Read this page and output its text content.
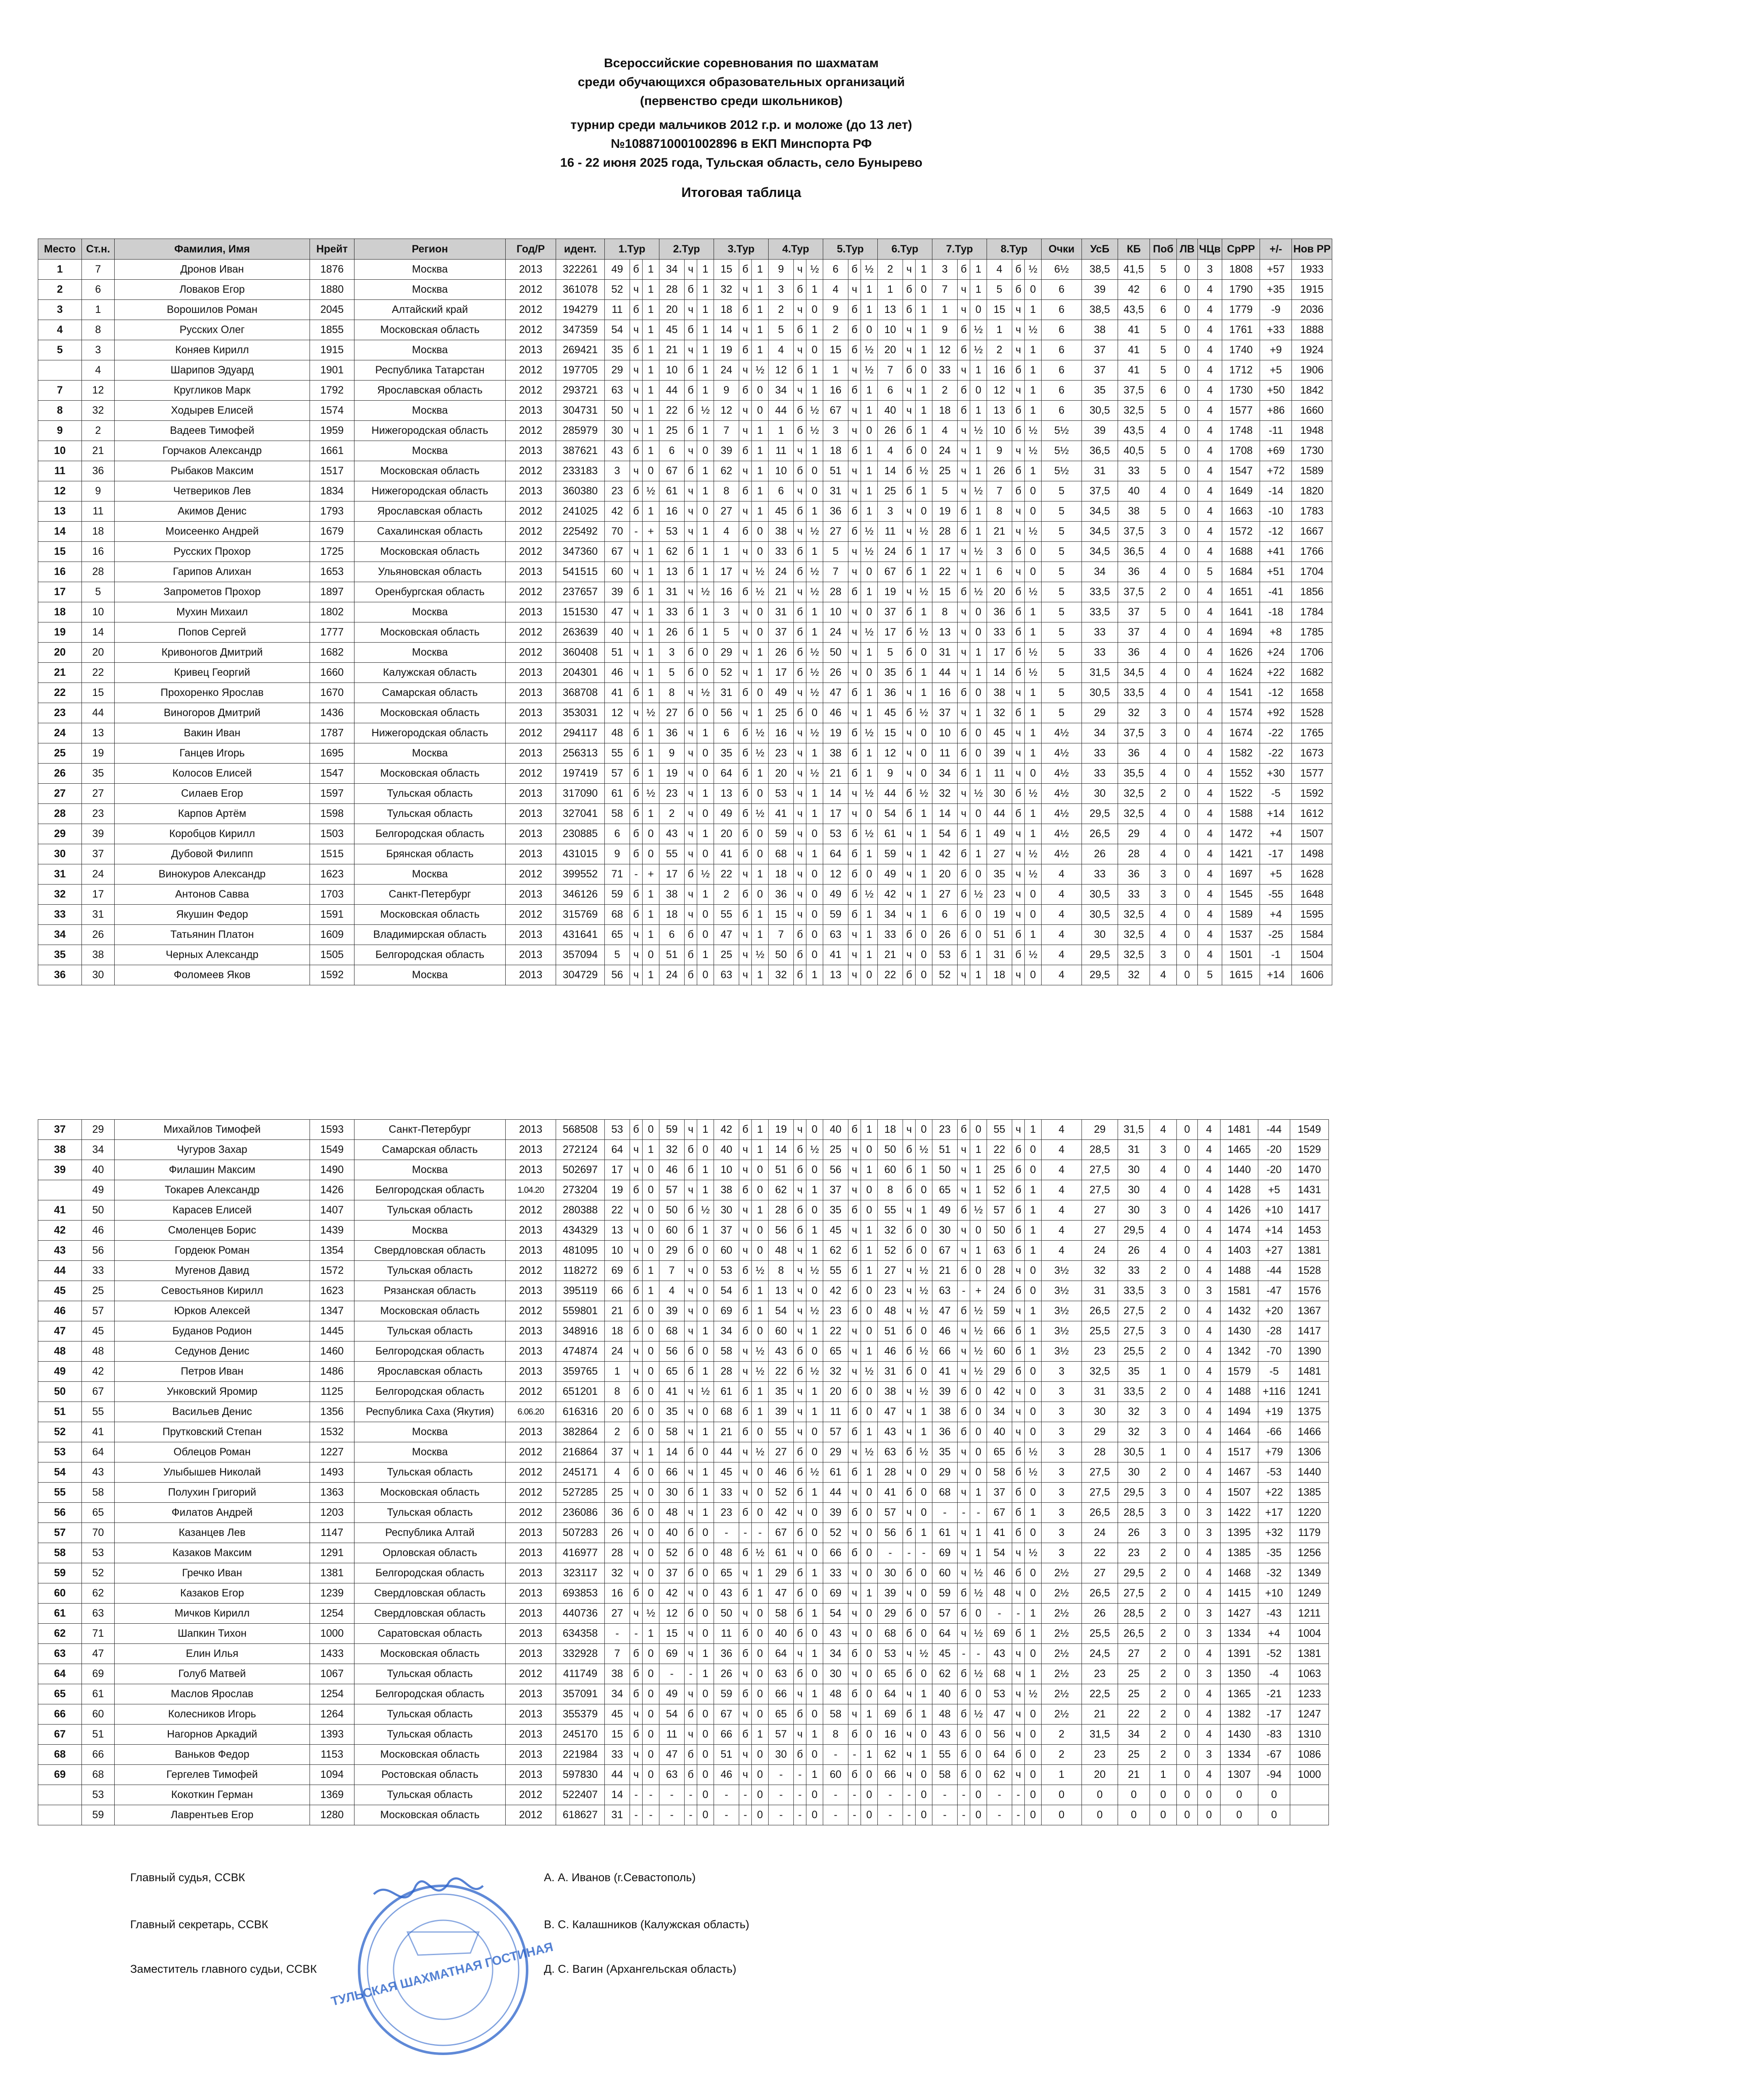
Всероссийские соревнования по шахматам
среди обучающихся образовательных организаций
(первенство среди школьников)
турнир среди мальчиков 2012 г.р. и моложе (до 13 лет)
№1088710001002896 в ЕКП Минспорта РФ
16 - 22 июня 2025 года, Тульская область, село Бунырево
Итоговая таблица
Место	Ст.н.	Фамилия, Имя	Нрейт	Регион	Год/Р	идент.	1.Тур			2.Тур			3.Тур			4.Тур			5.Тур			6.Тур			7.Тур			8.Тур			Очки	УсБ	КБ	Поб	ЛВ	ЧЦв	СрРР	+/-	Нов РР
1	7	Дронов Иван	1876	Москва	2013	322261	49	б	1	34	ч	1	15	б	1	9	ч	½	6	б	½	2	ч	1	3	б	1	4	б	½	6½	38,5	41,5	5	0	3	1808	+57	1933
2	6	Ловаков Егор	1880	Москва	2012	361078	52	ч	1	28	б	1	32	ч	1	3	б	1	4	ч	1	1	б	0	7	ч	1	5	б	0	6	39	42	6	0	4	1790	+35	1915
3	1	Ворошилов Роман	2045	Алтайский край	2012	194279	11	б	1	20	ч	1	18	б	1	2	ч	0	9	б	1	13	б	1	1	ч	0	15	ч	1	6	38,5	43,5	6	0	4	1779	-9	2036
4	8	Русских Олег	1855	Московская область	2012	347359	54	ч	1	45	б	1	14	ч	1	5	б	1	2	б	0	10	ч	1	9	б	½	1	ч	½	6	38	41	5	0	4	1761	+33	1888
5	3	Коняев Кирилл	1915	Москва	2013	269421	35	б	1	21	ч	1	19	б	1	4	ч	0	15	б	½	20	ч	1	12	б	½	2	ч	1	6	37	41	5	0	4	1740	+9	1924
	4	Шарипов Эдуард	1901	Республика Татарстан	2012	197705	29	ч	1	10	б	1	24	ч	½	12	б	1	1	ч	½	7	б	0	33	ч	1	16	б	1	6	37	41	5	0	4	1712	+5	1906
7	12	Кругликов Марк	1792	Ярославская область	2012	293721	63	ч	1	44	б	1	9	б	0	34	ч	1	16	б	1	6	ч	1	2	б	0	12	ч	1	6	35	37,5	6	0	4	1730	+50	1842
8	32	Ходырев Елисей	1574	Москва	2013	304731	50	ч	1	22	б	½	12	ч	0	44	б	½	67	ч	1	40	ч	1	18	б	1	13	б	1	6	30,5	32,5	5	0	4	1577	+86	1660
9	2	Вадеев Тимофей	1959	Нижегородская область	2012	285979	30	ч	1	25	б	1	7	ч	1	1	б	½	3	ч	0	26	б	1	4	ч	½	10	б	½	5½	39	43,5	4	0	4	1748	-11	1948
10	21	Горчаков Александр	1661	Москва	2013	387621	43	б	1	6	ч	0	39	б	1	11	ч	1	18	б	1	4	б	0	24	ч	1	9	ч	½	5½	36,5	40,5	5	0	4	1708	+69	1730
11	36	Рыбаков Максим	1517	Московская область	2012	233183	3	ч	0	67	б	1	62	ч	1	10	б	0	51	ч	1	14	б	½	25	ч	1	26	б	1	5½	31	33	5	0	4	1547	+72	1589
12	9	Четвериков Лев	1834	Нижегородская область	2013	360380	23	б	½	61	ч	1	8	б	1	6	ч	0	31	ч	1	25	б	1	5	ч	½	7	б	0	5	37,5	40	4	0	4	1649	-14	1820
13	11	Акимов Денис	1793	Ярославская область	2012	241025	42	б	1	16	ч	0	27	ч	1	45	б	1	36	б	1	3	ч	0	19	б	1	8	ч	0	5	34,5	38	5	0	4	1663	-10	1783
14	18	Моисеенко Андрей	1679	Сахалинская область	2012	225492	70	-	+	53	ч	1	4	б	0	38	ч	½	27	б	½	11	ч	½	28	б	1	21	ч	½	5	34,5	37,5	3	0	4	1572	-12	1667
15	16	Русских Прохор	1725	Московская область	2012	347360	67	ч	1	62	б	1	1	ч	0	33	б	1	5	ч	½	24	б	1	17	ч	½	3	б	0	5	34,5	36,5	4	0	4	1688	+41	1766
16	28	Гарипов Алихан	1653	Ульяновская область	2013	541515	60	ч	1	13	б	1	17	ч	½	24	б	½	7	ч	0	67	б	1	22	ч	1	6	ч	0	5	34	36	4	0	5	1684	+51	1704
17	5	Запрометов Прохор	1897	Оренбургская область	2012	237657	39	б	1	31	ч	½	16	б	½	21	ч	½	28	б	1	19	ч	½	15	б	½	20	б	½	5	33,5	37,5	2	0	4	1651	-41	1856
18	10	Мухин Михаил	1802	Москва	2013	151530	47	ч	1	33	б	1	3	ч	0	31	б	1	10	ч	0	37	б	1	8	ч	0	36	б	1	5	33,5	37	5	0	4	1641	-18	1784
19	14	Попов Сергей	1777	Московская область	2012	263639	40	ч	1	26	б	1	5	ч	0	37	б	1	24	ч	½	17	б	½	13	ч	0	33	б	1	5	33	37	4	0	4	1694	+8	1785
20	20	Кривоногов Дмитрий	1682	Москва	2012	360408	51	ч	1	3	б	0	29	ч	1	26	б	½	50	ч	1	5	б	0	31	ч	1	17	б	½	5	33	36	4	0	4	1626	+24	1706
21	22	Кривец Георгий	1660	Калужская область	2013	204301	46	ч	1	5	б	0	52	ч	1	17	б	½	26	ч	0	35	б	1	44	ч	1	14	б	½	5	31,5	34,5	4	0	4	1624	+22	1682
22	15	Прохоренко Ярослав	1670	Самарская область	2013	368708	41	б	1	8	ч	½	31	б	0	49	ч	½	47	б	1	36	ч	1	16	б	0	38	ч	1	5	30,5	33,5	4	0	4	1541	-12	1658
23	44	Виногоров Дмитрий	1436	Московская область	2013	353031	12	ч	½	27	б	0	56	ч	1	25	б	0	46	ч	1	45	б	½	37	ч	1	32	б	1	5	29	32	3	0	4	1574	+92	1528
24	13	Вакин Иван	1787	Нижегородская область	2012	294117	48	б	1	36	ч	1	6	б	½	16	ч	½	19	б	½	15	ч	0	10	б	0	45	ч	1	4½	34	37,5	3	0	4	1674	-22	1765
25	19	Ганцев Игорь	1695	Москва	2013	256313	55	б	1	9	ч	0	35	б	½	23	ч	1	38	б	1	12	ч	0	11	б	0	39	ч	1	4½	33	36	4	0	4	1582	-22	1673
26	35	Колосов Елисей	1547	Московская область	2012	197419	57	б	1	19	ч	0	64	б	1	20	ч	½	21	б	1	9	ч	0	34	б	1	11	ч	0	4½	33	35,5	4	0	4	1552	+30	1577
27	27	Силаев Егор	1597	Тульская область	2013	317090	61	б	½	23	ч	1	13	б	0	53	ч	1	14	ч	½	44	б	½	32	ч	½	30	б	½	4½	30	32,5	2	0	4	1522	-5	1592
28	23	Карпов Артём	1598	Тульская область	2013	327041	58	б	1	2	ч	0	49	б	½	41	ч	1	17	ч	0	54	б	1	14	ч	0	44	б	1	4½	29,5	32,5	4	0	4	1588	+14	1612
29	39	Коробцов Кирилл	1503	Белгородская область	2013	230885	6	б	0	43	ч	1	20	б	0	59	ч	0	53	б	½	61	ч	1	54	б	1	49	ч	1	4½	26,5	29	4	0	4	1472	+4	1507
30	37	Дубовой Филипп	1515	Брянская область	2013	431015	9	б	0	55	ч	0	41	б	0	68	ч	1	64	б	1	59	ч	1	42	б	1	27	ч	½	4½	26	28	4	0	4	1421	-17	1498
31	24	Винокуров Александр	1623	Москва	2012	399552	71	-	+	17	б	½	22	ч	1	18	ч	0	12	б	0	49	ч	1	20	б	0	35	ч	½	4	33	36	3	0	4	1697	+5	1628
32	17	Антонов Савва	1703	Санкт-Петербург	2013	346126	59	б	1	38	ч	1	2	б	0	36	ч	0	49	б	½	42	ч	1	27	б	½	23	ч	0	4	30,5	33	3	0	4	1545	-55	1648
33	31	Якушин Федор	1591	Московская область	2012	315769	68	б	1	18	ч	0	55	б	1	15	ч	0	59	б	1	34	ч	1	6	б	0	19	ч	0	4	30,5	32,5	4	0	4	1589	+4	1595
34	26	Татьянин Платон	1609	Владимирская область	2013	431641	65	ч	1	6	б	0	47	ч	1	7	б	0	63	ч	1	33	б	0	26	б	0	51	б	1	4	30	32,5	4	0	4	1537	-25	1584
35	38	Черных Александр	1505	Белгородская область	2013	357094	5	ч	0	51	б	1	25	ч	½	50	б	0	41	ч	1	21	ч	0	53	б	1	31	б	½	4	29,5	32,5	3	0	4	1501	-1	1504
36	30	Фоломеев Яков	1592	Москва	2013	304729	56	ч	1	24	б	0	63	ч	1	32	б	1	13	ч	0	22	б	0	52	ч	1	18	ч	0	4	29,5	32	4	0	5	1615	+14	1606
37	29	Михайлов Тимофей	1593	Санкт-Петербург	2013	568508	53	б	0	59	ч	1	42	б	1	19	ч	0	40	б	1	18	ч	0	23	б	0	55	ч	1	4	29	31,5	4	0	4	1481	-44	1549
38	34	Чугуров Захар	1549	Самарская область	2013	272124	64	ч	1	32	б	0	40	ч	1	14	б	½	25	ч	0	50	б	½	51	ч	1	22	б	0	4	28,5	31	3	0	4	1465	-20	1529
39	40	Филашин Максим	1490	Москва	2013	502697	17	ч	0	46	б	1	10	ч	0	51	б	0	56	ч	1	60	б	1	50	ч	1	25	б	0	4	27,5	30	4	0	4	1440	-20	1470
	49	Токарев Александр	1426	Белгородская область	1.04.20	273204	19	б	0	57	ч	1	38	б	0	62	ч	1	37	ч	0	8	б	0	65	ч	1	52	б	1	4	27,5	30	4	0	4	1428	+5	1431
41	50	Карасев Елисей	1407	Тульская область	2012	280388	22	ч	0	50	б	½	30	ч	1	28	б	0	35	б	0	55	ч	1	49	б	½	57	б	1	4	27	30	3	0	4	1426	+10	1417
42	46	Смоленцев Борис	1439	Москва	2013	434329	13	ч	0	60	б	1	37	ч	0	56	б	1	45	ч	1	32	б	0	30	ч	0	50	б	1	4	27	29,5	4	0	4	1474	+14	1453
43	56	Гордеюк Роман	1354	Свердловская область	2013	481095	10	ч	0	29	б	0	60	ч	0	48	ч	1	62	б	1	52	б	0	67	ч	1	63	б	1	4	24	26	4	0	4	1403	+27	1381
44	33	Мугенов Давид	1572	Тульская область	2012	118272	69	б	1	7	ч	0	53	б	½	8	ч	½	55	б	1	27	ч	½	21	б	0	28	ч	0	3½	32	33	2	0	4	1488	-44	1528
45	25	Севостьянов Кирилл	1623	Рязанская область	2013	395119	66	б	1	4	ч	0	54	б	1	13	ч	0	42	б	0	23	ч	½	63	-	+	24	б	0	3½	31	33,5	3	0	3	1581	-47	1576
46	57	Юрков Алексей	1347	Московская область	2012	559801	21	б	0	39	ч	0	69	б	1	54	ч	½	23	б	0	48	ч	½	47	б	½	59	ч	1	3½	26,5	27,5	2	0	4	1432	+20	1367
47	45	Буданов Родион	1445	Тульская область	2013	348916	18	б	0	68	ч	1	34	б	0	60	ч	1	22	ч	0	51	б	0	46	ч	½	66	б	1	3½	25,5	27,5	3	0	4	1430	-28	1417
48	48	Седунов Денис	1460	Белгородская область	2013	474874	24	ч	0	56	б	0	58	ч	½	43	б	0	65	ч	1	46	б	½	66	ч	½	60	б	1	3½	23	25,5	2	0	4	1342	-70	1390
49	42	Петров Иван	1486	Ярославская область	2013	359765	1	ч	0	65	б	1	28	ч	½	22	б	½	32	ч	½	31	б	0	41	ч	½	29	б	0	3	32,5	35	1	0	4	1579	-5	1481
50	67	Унковский Яромир	1125	Белгородская область	2012	651201	8	б	0	41	ч	½	61	б	1	35	ч	1	20	б	0	38	ч	½	39	б	0	42	ч	0	3	31	33,5	2	0	4	1488	+116	1241
51	55	Васильев Денис	1356	Республика Саха (Якутия)	6.06.20	616316	20	б	0	35	ч	0	68	б	1	39	ч	1	11	б	0	47	ч	1	38	б	0	34	ч	0	3	30	32	3	0	4	1494	+19	1375
52	41	Прутковский Степан	1532	Москва	2013	382864	2	б	0	58	ч	1	21	б	0	55	ч	0	57	б	1	43	ч	1	36	б	0	40	ч	0	3	29	32	3	0	4	1464	-66	1466
53	64	Облецов Роман	1227	Москва	2012	216864	37	ч	1	14	б	0	44	ч	½	27	б	0	29	ч	½	63	б	½	35	ч	0	65	б	½	3	28	30,5	1	0	4	1517	+79	1306
54	43	Улыбышев Николай	1493	Тульская область	2012	245171	4	б	0	66	ч	1	45	ч	0	46	б	½	61	б	1	28	ч	0	29	ч	0	58	б	½	3	27,5	30	2	0	4	1467	-53	1440
55	58	Полухин Григорий	1363	Московская область	2012	527285	25	ч	0	30	б	1	33	ч	0	52	б	1	44	ч	0	41	б	0	68	ч	1	37	б	0	3	27,5	29,5	3	0	4	1507	+22	1385
56	65	Филатов Андрей	1203	Тульская область	2012	236086	36	б	0	48	ч	1	23	б	0	42	ч	0	39	б	0	57	ч	0	-	-	-	67	б	1	3	26,5	28,5	3	0	3	1422	+17	1220
57	70	Казанцев Лев	1147	Республика Алтай	2013	507283	26	ч	0	40	б	0	-	-	-	67	б	0	52	ч	0	56	б	1	61	ч	1	41	б	0	3	24	26	3	0	3	1395	+32	1179
58	53	Казаков Максим	1291	Орловская область	2013	416977	28	ч	0	52	б	0	48	б	½	61	ч	0	66	б	0	-	-	-	69	ч	1	54	ч	½	3	22	23	2	0	4	1385	-35	1256
59	52	Гречко Иван	1381	Белгородская область	2013	323117	32	ч	0	37	б	0	65	ч	1	29	б	1	33	ч	0	30	б	0	60	ч	½	46	б	0	2½	27	29,5	2	0	4	1468	-32	1349
60	62	Казаков Егор	1239	Свердловская область	2013	693853	16	б	0	42	ч	0	43	б	1	47	б	0	69	ч	1	39	ч	0	59	б	½	48	ч	0	2½	26,5	27,5	2	0	4	1415	+10	1249
61	63	Мичков Кирилл	1254	Свердловская область	2013	440736	27	ч	½	12	б	0	50	ч	0	58	б	1	54	ч	0	29	б	0	57	б	0	-	-	1	2½	26	28,5	2	0	3	1427	-43	1211
62	71	Шапкин Тихон	1000	Саратовская область	2013	634358	-	-	1	15	ч	0	11	б	0	40	б	0	43	ч	0	68	б	0	64	ч	½	69	б	1	2½	25,5	26,5	2	0	3	1334	+4	1004
63	47	Елин Илья	1433	Московская область	2013	332928	7	б	0	69	ч	1	36	б	0	64	ч	1	34	б	0	53	ч	½	45	-	-	43	ч	0	2½	24,5	27	2	0	4	1391	-52	1381
64	69	Голуб Матвей	1067	Тульская область	2012	411749	38	б	0	-	-	1	26	ч	0	63	б	0	30	ч	0	65	б	0	62	б	½	68	ч	1	2½	23	25	2	0	3	1350	-4	1063
65	61	Маслов Ярослав	1254	Белгородская область	2013	357091	34	б	0	49	ч	0	59	б	0	66	ч	1	48	б	0	64	ч	1	40	б	0	53	ч	½	2½	22,5	25	2	0	4	1365	-21	1233
66	60	Колесников Игорь	1264	Тульская область	2013	355379	45	ч	0	54	б	0	67	ч	0	65	б	0	58	ч	1	69	б	1	48	б	½	47	ч	0	2½	21	22	2	0	4	1382	-17	1247
67	51	Нагорнов Аркадий	1393	Тульская область	2013	245170	15	б	0	11	ч	0	66	б	1	57	ч	1	8	б	0	16	ч	0	43	б	0	56	ч	0	2	31,5	34	2	0	4	1430	-83	1310
68	66	Ваньков Федор	1153	Московская область	2013	221984	33	ч	0	47	б	0	51	ч	0	30	б	0	-	-	1	62	ч	1	55	б	0	64	б	0	2	23	25	2	0	3	1334	-67	1086
69	68	Гергелев Тимофей	1094	Ростовская область	2013	597830	44	ч	0	63	б	0	46	ч	0	-	-	1	60	б	0	66	ч	0	58	б	0	62	ч	0	1	20	21	1	0	4	1307	-94	1000
	53	Кокоткин Герман	1369	Тульская область	2012	522407	14	-	-	-	-	0	-	-	0	-	-	0	-	-	0	-	-	0	-	-	0	-	-	0	0	0	0	0	0	0	0	0	
	59	Лаврентьев Егор	1280	Московская область	2012	618627	31	-	-	-	-	0	-	-	0	-	-	0	-	-	0	-	-	0	-	-	0	-	-	0	0	0	0	0	0	0	0	0	
Главный судья, ССВК	А. А. Иванов (г.Севастополь)
Главный секретарь, ССВК	В. С. Калашников (Калужская область)
Заместитель главного судьи, ССВК	Д. С. Вагин (Архангельская область)
ТУЛЬСКАЯ ШАХМАТНАЯ ГОСТИНАЯ
